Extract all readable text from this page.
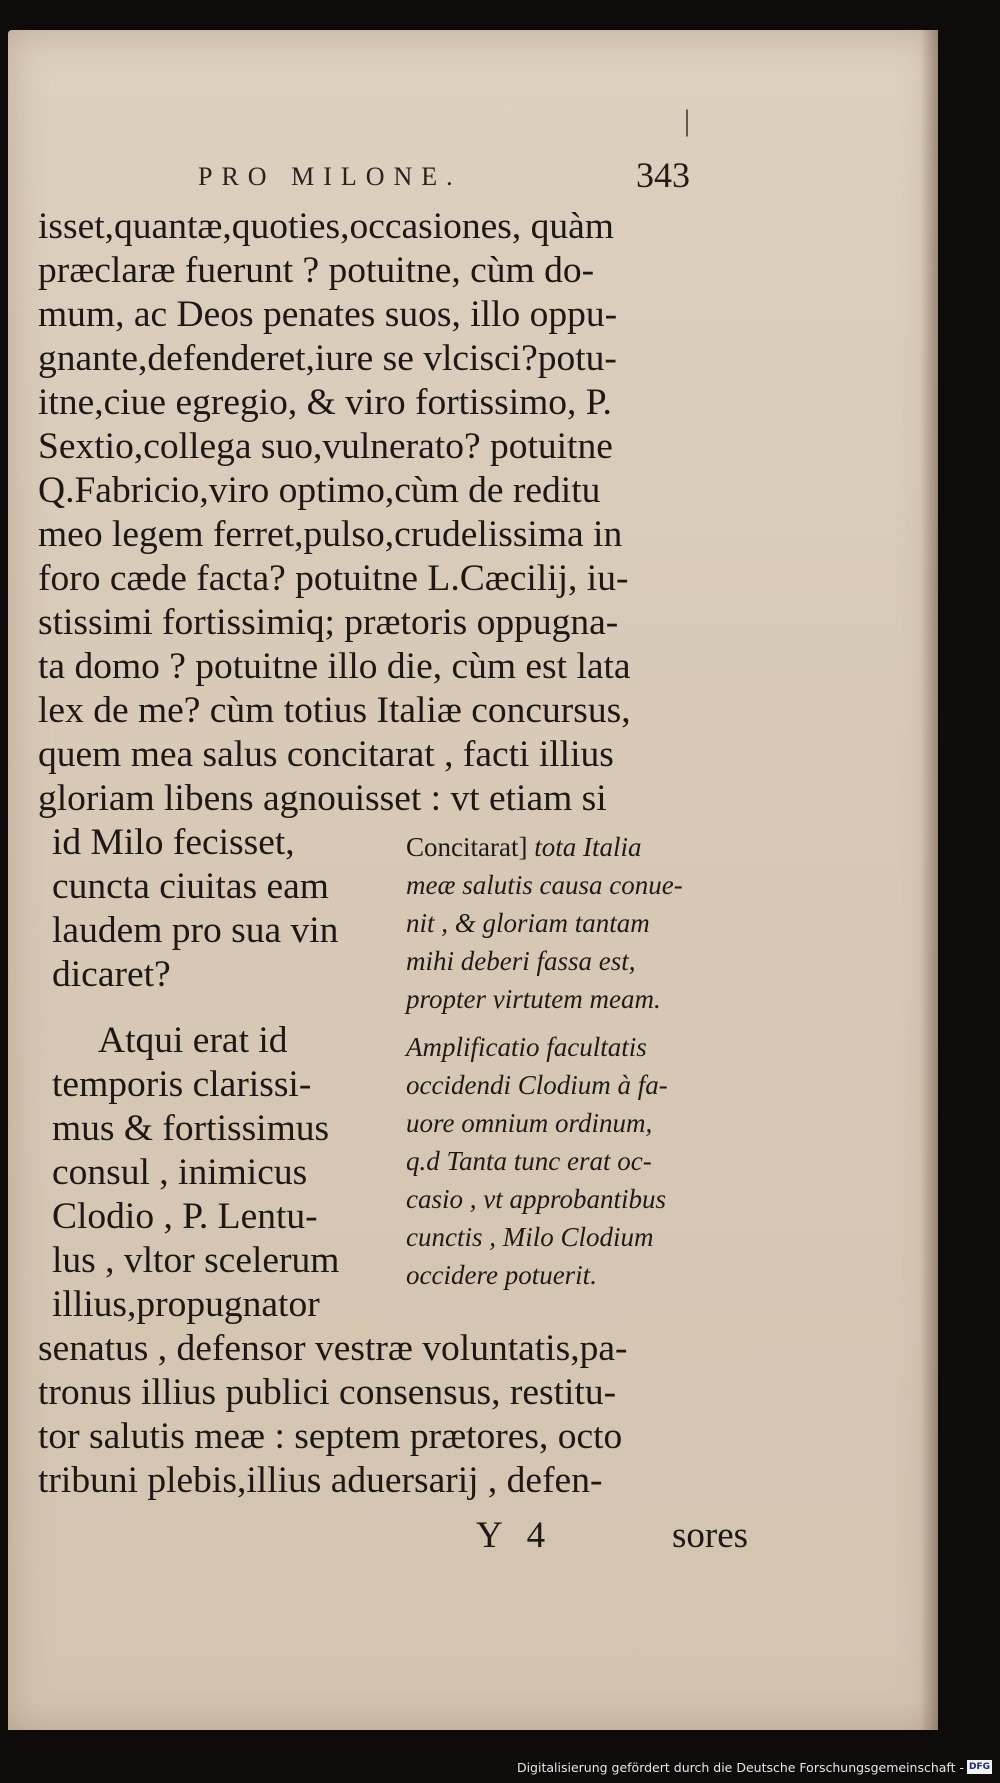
|
PRO MILONE.	343
isset,quantæ,quoties,occasiones, quàm
præclaræ fuerunt ? potuitne, cùm do-
mum, ac Deos penates suos, illo oppu-
gnante,defenderet,iure se vlcisci?potu-
itne,ciue egregio, & viro fortissimo, P.
Sextio,collega suo,vulnerato? potuitne
Q.Fabricio,viro optimo,cùm de reditu
meo legem ferret,pulso,crudelissima in
foro cæde facta? potuitne L.Cæcilij, iu-
stissimi fortissimiq; prætoris oppugna-
ta domo ? potuitne illo die, cùm est lata
lex de me? cùm totius Italiæ concursus,
quem mea salus concitarat , facti illius
gloriam libens agnouisset : vt etiam si
id Milo fecisset,
cuncta ciuitas eam
laudem pro sua vin
dicaret?
Atqui erat id
temporis clarissi-
mus & fortissimus
consul , inimicus
Clodio , P. Lentu-
lus , vltor scelerum
illius,propugnator
Concitarat] tota Italia
meæ salutis causa conue-
nit , & gloriam tantam
mihi deberi fassa est,
propter virtutem meam.
Amplificatio facultatis
occidendi Clodium à fa-
uore omnium ordinum,
q.d Tanta tunc erat oc-
casio , vt approbantibus
cunctis , Milo Clodium
occidere potuerit.
senatus , defensor vestræ voluntatis,pa-
tronus illius publici consensus, restitu-
tor salutis meæ : septem prætores, octo
tribuni plebis,illius aduersarij , defen-
Y 4	sores
Digitalisierung gefördert durch die Deutsche Forschungsgemeinschaft - DFG
